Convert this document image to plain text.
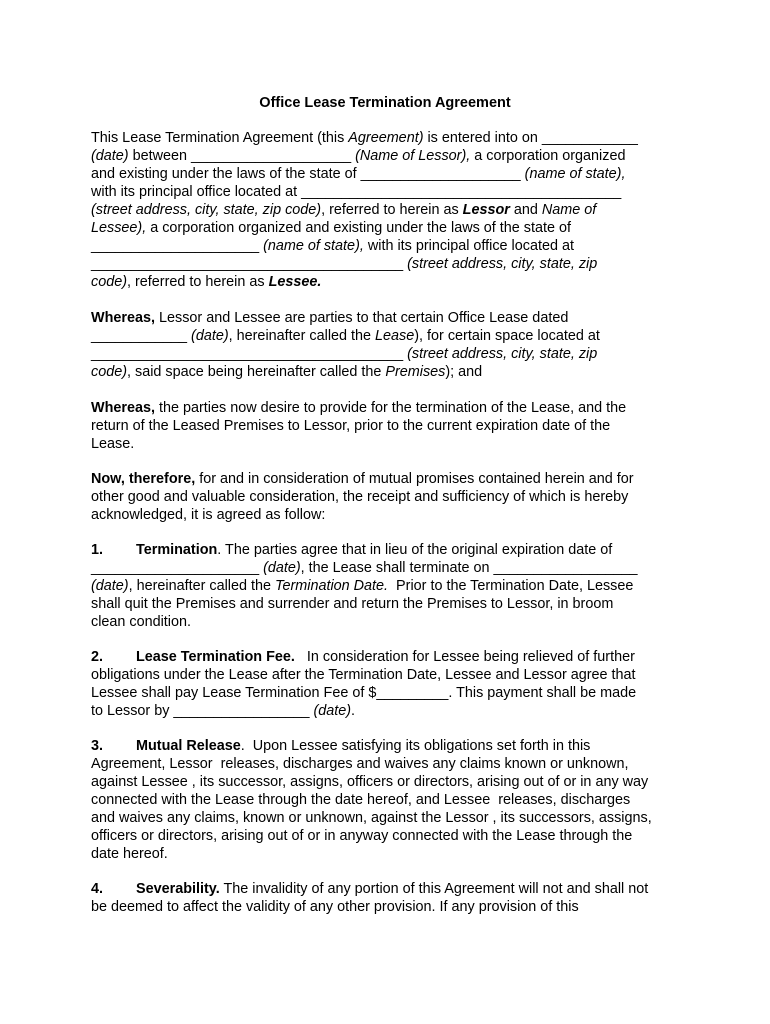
Office Lease Termination Agreement
This Lease Termination Agreement (this Agreement) is entered into on ____________
(date) between ____________________ (Name of Lessor), a corporation organized
and existing under the laws of the state of ____________________ (name of state),
with its principal office located at ________________________________________
(street address, city, state, zip code), referred to herein as Lessor and Name of
Lessee), a corporation organized and existing under the laws of the state of
_____________________ (name of state), with its principal office located at
_______________________________________ (street address, city, state, zip
code), referred to herein as Lessee.
Whereas, Lessor and Lessee are parties to that certain Office Lease dated
____________ (date), hereinafter called the Lease), for certain space located at
_______________________________________ (street address, city, state, zip
code), said space being hereinafter called the Premises); and
Whereas, the parties now desire to provide for the termination of the Lease, and the
return of the Leased Premises to Lessor, prior to the current expiration date of the
Lease.
Now, therefore, for and in consideration of mutual promises contained herein and for
other good and valuable consideration, the receipt and sufficiency of which is hereby
acknowledged, it is agreed as follow:
1. Termination. The parties agree that in lieu of the original expiration date of
_____________________ (date), the Lease shall terminate on __________________
(date), hereinafter called the Termination Date.  Prior to the Termination Date, Lessee
shall quit the Premises and surrender and return the Premises to Lessor, in broom
clean condition.
2. Lease Termination Fee.   In consideration for Lessee being relieved of further
obligations under the Lease after the Termination Date, Lessee and Lessor agree that
Lessee shall pay Lease Termination Fee of $_________. This payment shall be made
to Lessor by _________________ (date).
3. Mutual Release.  Upon Lessee satisfying its obligations set forth in this
Agreement, Lessor  releases, discharges and waives any claims known or unknown,
against Lessee , its successor, assigns, officers or directors, arising out of or in any way
connected with the Lease through the date hereof, and Lessee  releases, discharges
and waives any claims, known or unknown, against the Lessor , its successors, assigns,
officers or directors, arising out of or in anyway connected with the Lease through the
date hereof.
4. Severability. The invalidity of any portion of this Agreement will not and shall not
be deemed to affect the validity of any other provision. If any provision of this
